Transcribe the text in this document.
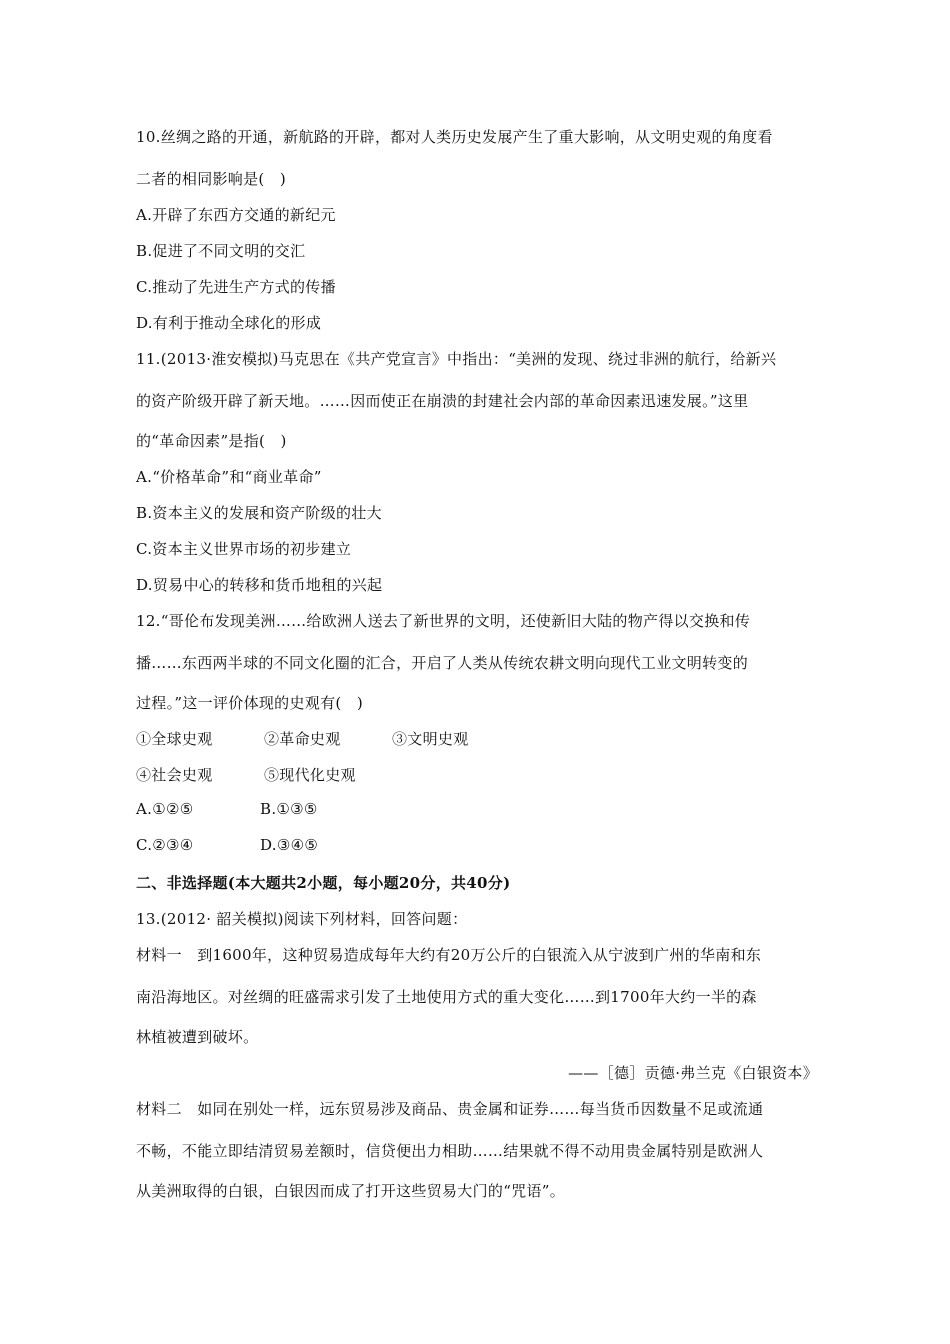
10.丝绸之路的开通，新航路的开辟，都对人类历史发展产生了重大影响，从文明史观的角度看
二者的相同影响是(　)
A.开辟了东西方交通的新纪元
B.促进了不同文明的交汇
C.推动了先进生产方式的传播
D.有利于推动全球化的形成
11.(2013·淮安模拟)马克思在《共产党宣言》中指出：“美洲的发现、绕过非洲的航行，给新兴
的资产阶级开辟了新天地。……因而使正在崩溃的封建社会内部的革命因素迅速发展。”这里
的“革命因素”是指(　)
A.“价格革命”和“商业革命”
B.资本主义的发展和资产阶级的壮大
C.资本主义世界市场的初步建立
D.贸易中心的转移和货币地租的兴起
12.“哥伦布发现美洲……给欧洲人送去了新世界的文明，还使新旧大陆的物产得以交换和传
播……东西两半球的不同文化圈的汇合，开启了人类从传统农耕文明向现代工业文明转变的
过程。”这一评价体现的史观有(　)
①全球史观	②革命史观	③文明史观
④社会史观	⑤现代化史观
A.①②⑤	B.①③⑤
C.②③④	D.③④⑤
二、非选择题(本大题共2小题，每小题20分，共40分)
13.(2012· 韶关模拟)阅读下列材料，回答问题：
材料一　到1600年，这种贸易造成每年大约有20万公斤的白银流入从宁波到广州的华南和东
南沿海地区。对丝绸的旺盛需求引发了土地使用方式的重大变化……到1700年大约一半的森
林植被遭到破坏。
——［德］贡德·弗兰克《白银资本》
材料二　如同在别处一样，远东贸易涉及商品、贵金属和证券……每当货币因数量不足或流通
不畅，不能立即结清贸易差额时，信贷便出力相助……结果就不得不动用贵金属特别是欧洲人
从美洲取得的白银，白银因而成了打开这些贸易大门的“咒语”。
